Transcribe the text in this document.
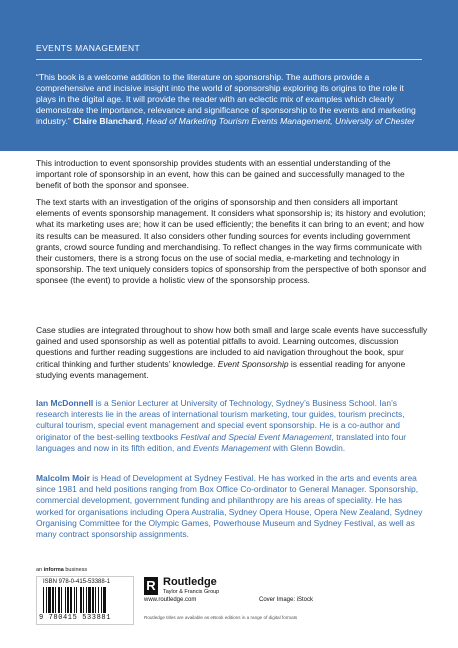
EVENTS MANAGEMENT

“This book is a welcome addition to the literature on sponsorship. The authors provide a comprehensive and incisive insight into the world of sponsorship exploring its origins to the role it plays in the digital age. It will provide the reader with an eclectic mix of examples which clearly demonstrate the importance, relevance and significance of sponsorship to the events and marketing industry.” Claire Blanchard, Head of Marketing Tourism Events Management, University of Chester

This introduction to event sponsorship provides students with an essential understanding of the important role of sponsorship in an event, how this can be gained and successfully managed to the benefit of both the sponsor and sponsee.

The text starts with an investigation of the origins of sponsorship and then considers all important elements of events sponsorship management. It considers what sponsorship is; its history and evolution; what its marketing uses are; how it can be used efficiently; the benefits it can bring to an event; and how its results can be measured. It also considers other funding sources for events including government grants, crowd source funding and merchandising. To reflect changes in the way firms communicate with their customers, there is a strong focus on the use of social media, e-marketing and technology in sponsorship. The text uniquely considers topics of sponsorship from the perspective of both sponsor and sponsee (the event) to provide a holistic view of the sponsorship process.

Case studies are integrated throughout to show how both small and large scale events have successfully gained and used sponsorship as well as potential pitfalls to avoid. Learning outcomes, discussion questions and further reading suggestions are included to aid navigation throughout the book, spur critical thinking and further students’ knowledge. Event Sponsorship is essential reading for anyone studying events management.

Ian McDonnell is a Senior Lecturer at University of Technology, Sydney’s Business School. Ian’s research interests lie in the areas of international tourism marketing, tour guides, tourism precincts, cultural tourism, special event management and special event sponsorship. He is a co-author and originator of the best-selling textbooks Festival and Special Event Management, translated into four languages and now in its fifth edition, and Events Management with Glenn Bowdin.

Malcolm Moir is Head of Development at Sydney Festival. He has worked in the arts and events area since 1981 and held positions ranging from Box Office Co-ordinator to General Manager. Sponsorship, commercial development, government funding and philanthropy are his areas of speciality. He has worked for organisations including Opera Australia, Sydney Opera House, Opera New Zealand, Sydney Organising Committee for the Olympic Games, Powerhouse Museum and Sydney Festival, as well as many contract sponsorship assignments.

an informa business
ISBN 978-0-415-53388-1
9 780415 533881
R Routledge
Taylor & Francis Group
www.routledge.com	Cover Image: iStock
Routledge titles are available as eBook editions in a range of digital formats
